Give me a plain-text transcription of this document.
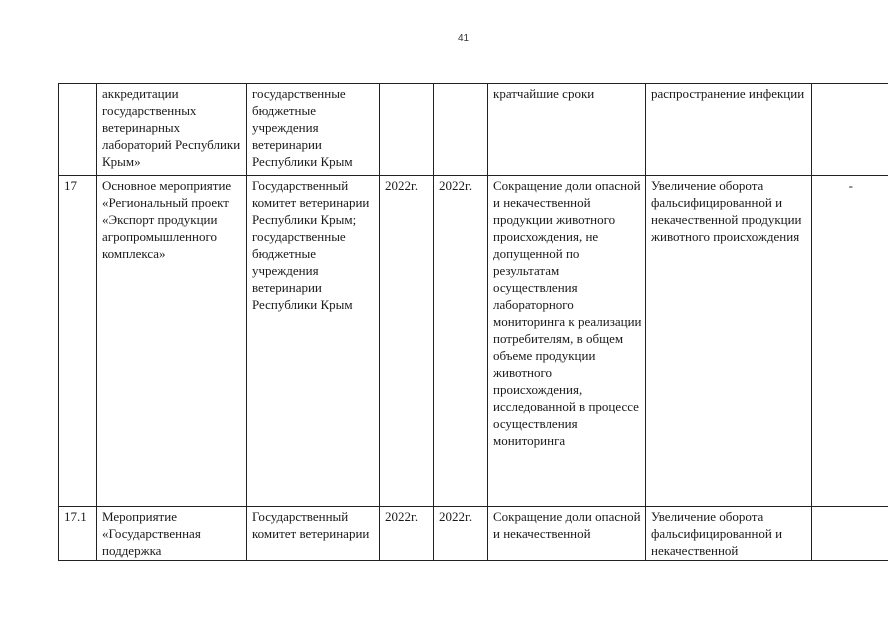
41
	аккредитации государственных ветеринарных лабораторий Республики Крым»	государственные бюджетные учреждения ветеринарии Республики Крым			кратчайшие сроки	распространение инфекции	
17	Основное мероприятие «Региональный проект «Экспорт продукции агропромышленного комплекса»	Государственный комитет ветеринарии Республики Крым; государственные бюджетные учреждения ветеринарии Республики Крым	2022г.	2022г.	Сокращение доли опасной и некачественной продукции животного происхождения, не допущенной по результатам осуществления лабораторного мониторинга к реализации потребителям, в общем объеме продукции животного происхождения, исследованной в процессе осуществления мониторинга	Увеличение оборота фальсифицированной и некачественной продукции животного происхождения	-
17.1	Мероприятие «Государственная поддержка	Государственный комитет ветеринарии	2022г.	2022г.	Сокращение доли опасной и некачественной	Увеличение оборота фальсифицированной и некачественной	
